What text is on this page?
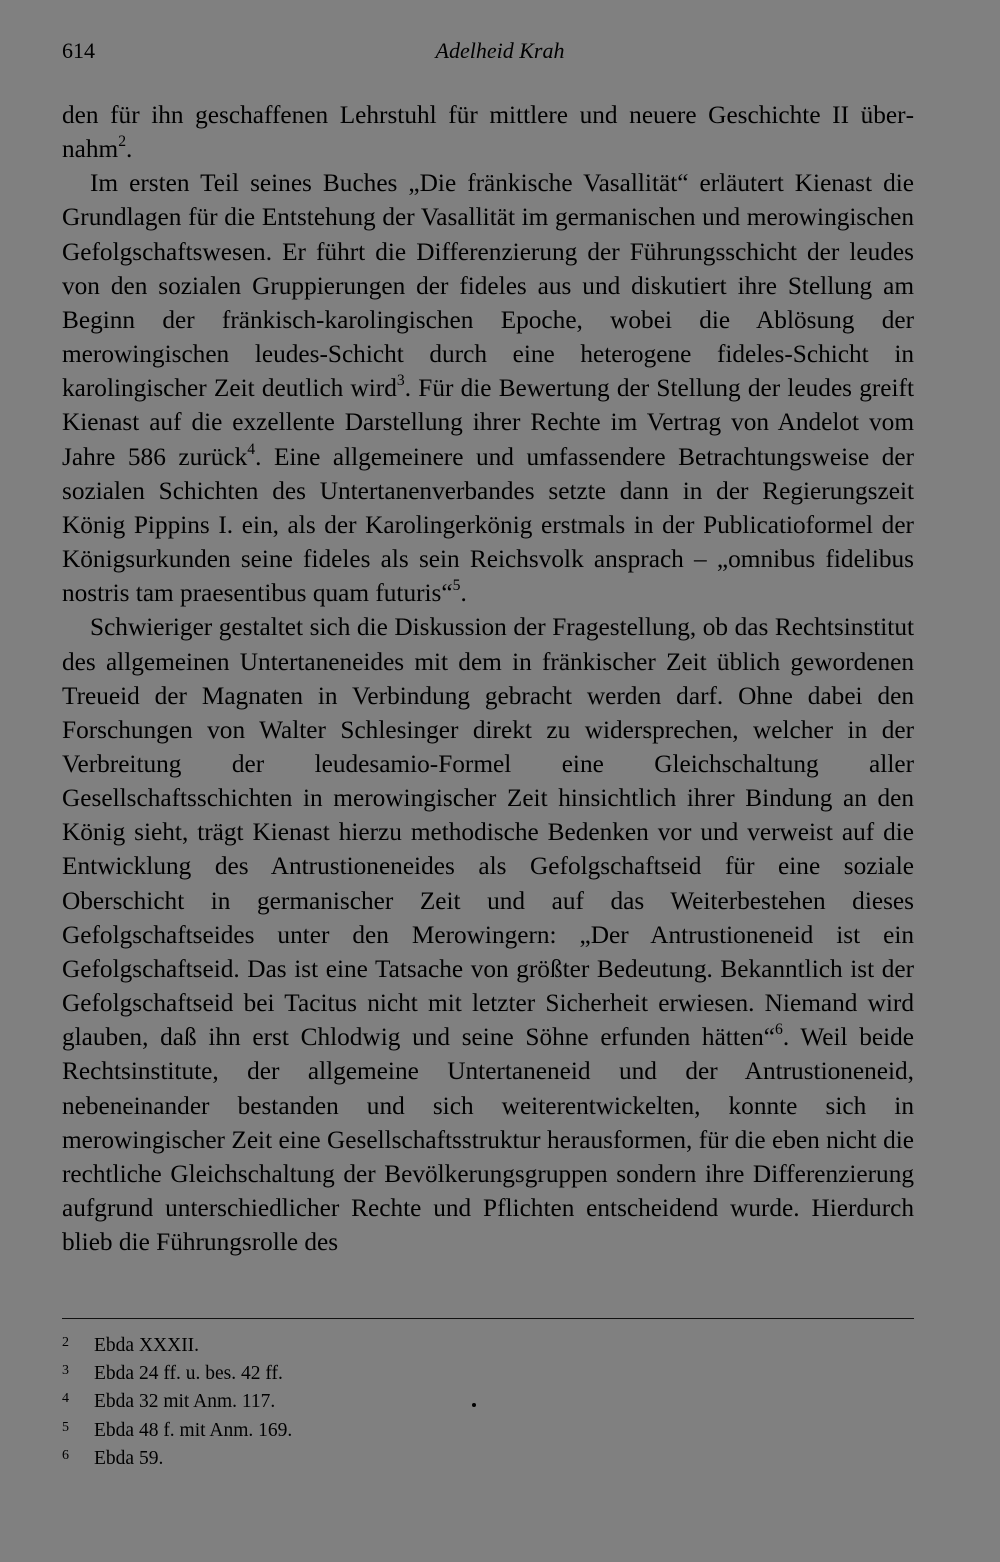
614	Adelheid Krah

den für ihn geschaffenen Lehrstuhl für mittlere und neuere Geschichte II übernahm$^2$.

Im ersten Teil seines Buches „Die fränkische Vasallität“ erläutert Kienast die Grundlagen für die Entstehung der Vasallität im germanischen und merowingischen Gefolgschaftswesen. Er führt die Differenzierung der Führungsschicht der leudes von den sozialen Gruppierungen der fideles aus und diskutiert ihre Stellung am Beginn der fränkisch-karolingischen Epoche, wobei die Ablösung der merowingischen leudes-Schicht durch eine heterogene fideles-Schicht in karolingischer Zeit deutlich wird$^3$. Für die Bewertung der Stellung der leudes greift Kienast auf die exzellente Darstellung ihrer Rechte im Vertrag von Andelot vom Jahre 586 zurück$^4$. Eine allgemeinere und umfassendere Betrachtungsweise der sozialen Schichten des Untertanenverbandes setzte dann in der Regierungszeit König Pippins I. ein, als der Karolingerkönig erstmals in der Publicatioformel der Königsurkunden seine fideles als sein Reichsvolk ansprach – „omnibus fidelibus nostris tam praesentibus quam futuris“$^5$.

Schwieriger gestaltet sich die Diskussion der Fragestellung, ob das Rechtsinstitut des allgemeinen Untertaneneides mit dem in fränkischer Zeit üblich gewordenen Treueid der Magnaten in Verbindung gebracht werden darf. Ohne dabei den Forschungen von Walter Schlesinger direkt zu widersprechen, welcher in der Verbreitung der leudesamio-Formel eine Gleichschaltung aller Gesellschaftsschichten in merowingischer Zeit hinsichtlich ihrer Bindung an den König sieht, trägt Kienast hierzu methodische Bedenken vor und verweist auf die Entwicklung des Antrustioneneides als Gefolgschaftseid für eine soziale Oberschicht in germanischer Zeit und auf das Weiterbestehen dieses Gefolgschaftseides unter den Merowingern: „Der Antrustioneneid ist ein Gefolgschaftseid. Das ist eine Tatsache von größter Bedeutung. Bekanntlich ist der Gefolgschaftseid bei Tacitus nicht mit letzter Sicherheit erwiesen. Niemand wird glauben, daß ihn erst Chlodwig und seine Söhne erfunden hätten“$^6$. Weil beide Rechtsinstitute, der allgemeine Untertaneneid und der Antrustioneneid, nebeneinander bestanden und sich weiterentwickelten, konnte sich in merowingischer Zeit eine Gesellschaftsstruktur herausformen, für die eben nicht die rechtliche Gleichschaltung der Bevölkerungsgruppen sondern ihre Differenzierung aufgrund unterschiedlicher Rechte und Pflichten entscheidend wurde. Hierdurch blieb die Führungsrolle des

2 Ebda XXXII.
3 Ebda 24 ff. u. bes. 42 ff.
4 Ebda 32 mit Anm. 117.
5 Ebda 48 f. mit Anm. 169.
6 Ebda 59.
